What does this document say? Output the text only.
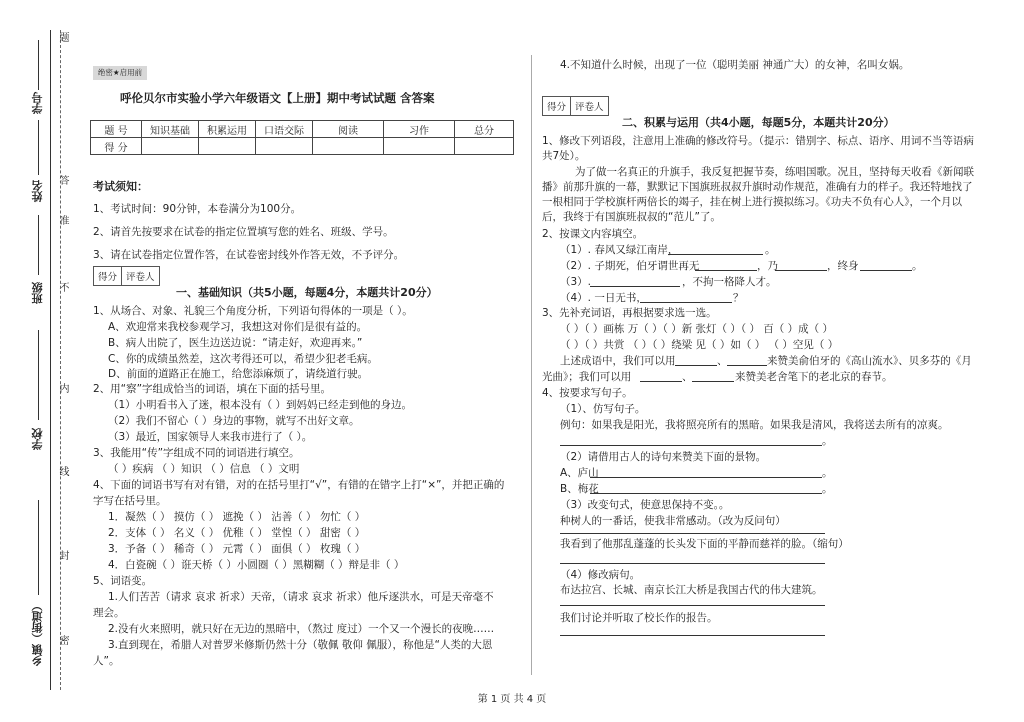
题
答
准
不
内
线
封
密
学号
姓名
班级
学校
乡镇（街道）
绝密★启用前
呼伦贝尔市实验小学六年级语文【上册】期中考试试题 含答案
题 号	知识基础	积累运用	口语交际	阅读	习作	总分
得 分						
考试须知：
1、考试时间：90分钟，本卷满分为100分。
2、请首先按要求在试卷的指定位置填写您的姓名、班级、学号。
3、请在试卷指定位置作答，在试卷密封线外作答无效，不予评分。
得分 评卷人
一、基础知识（共5小题，每题4分，本题共计20分）
1、从场合、对象、礼貌三个角度分析，下列语句得体的一项是（ ）。
A、欢迎常来我校参观学习，我想这对你们是很有益的。
B、病人出院了，医生边送边说：“请走好，欢迎再来。”
C、你的成绩虽然差，这次考得还可以，希望少犯老毛病。
D、前面的道路正在施工，给您添麻烦了，请绕道行驶。
2、用“察”字组成恰当的词语，填在下面的括号里。
（1）小明看书入了迷，根本没有（ ）到妈妈已经走到他的身边。
（2）我们不留心（ ）身边的事物，就写不出好文章。
（3）最近，国家领导人来我市进行了（ ）。
3、我能用“传”字组成不同的词语进行填空。
（ ）疾病 （ ）知识 （ ）信息 （ ）文明
4、下面的词语书写有对有错，对的在括号里打“√”，有错的在错字上打“×”，并把正确的
字写在括号里。
1．凝然（ ） 摸仿（ ） 遮挽（ ） 沾善（ ） 勿忙（ ）
2．支体（ ） 名义（ ） 优稚（ ） 堂惶（ ） 甜密（ ）
3．予备（ ） 稀奇（ ） 元霄（ ） 面俱（ ） 枚瑰（ ）
4．白瓷碗（ ）诳天桥（ ）小圆圈（ ）黑糊糊（ ）辩是非（ ）
5、词语变。
1.人们苦苦（请求 哀求 祈求）天帝，（请求 哀求 祈求）他斥逐洪水，可是天帝毫不
理会。
2.没有火来照明，就只好在无边的黑暗中，（熬过 度过）一个又一个漫长的夜晚……
3.直到现在，希腊人对普罗米修斯仍然十分（敬佩 敬仰 佩服），称他是“人类的大恩
人”。
4.不知道什么时候，出现了一位（聪明美丽 神通广大）的女神，名叫女娲。
得分 评卷人
二、积累与运用（共4小题，每题5分，本题共计20分）
1、修改下列语段，注意用上准确的修改符号。（提示：错别字、标点、语序、用词不当等语病
共7处）。
为了做一名真正的升旗手，我反复把握节奏，练唱国歌。况且，坚持每天收看《新闻联
播》前那升旗的一幕，默默记下国旗班叔叔升旗时动作规范，准确有力的样子。我还特地找了
一根相同于学校旗杆两倍长的竭子，挂在树上进行摸拟练习。《功夫不负有心人》，一个月以
后，我终于有国旗班叔叔的“范儿”了。
2、按课文内容填空。
（1）. 春风又绿江南岸，	。
（2）. 子期死，伯牙谓世再无	，乃	，终身	。
（3）.	，不拘一格降人才。
（4）. 一日无书，	？
3、先补充词语，再根据要求选一选。
（ ）（ ）画栋 万（ ）（ ）新 张灯（ ）（ ） 百（ ）成（ ）
（ ）（ ）共赏 （ ）（ ）绕梁 见（ ）如（ ） （ ）空见（ ）
上述成语中，我们可以用	、	来赞美俞伯牙的《高山流水》、贝多芬的《月
光曲》；我们可以用	、	来赞美老舍笔下的老北京的春节。
4、按要求写句子。
（1）、仿写句子。
例句：如果我是阳光，我将照亮所有的黑暗。如果我是清风，我将送去所有的凉爽。
。
（2）请借用古人的诗句来赞美下面的景物。
A、庐山	。
B、梅花	。
（3）改变句式，使意思保持不变。。
种树人的一番话，使我非常感动。（改为反问句）
我看到了他那乱蓬蓬的长头发下面的平静而慈祥的脸。（缩句）
（4）修改病句。
布达拉宫、长城、南京长江大桥是我国古代的伟大建筑。
我们讨论并听取了校长作的报告。
第 1 页 共 4 页
